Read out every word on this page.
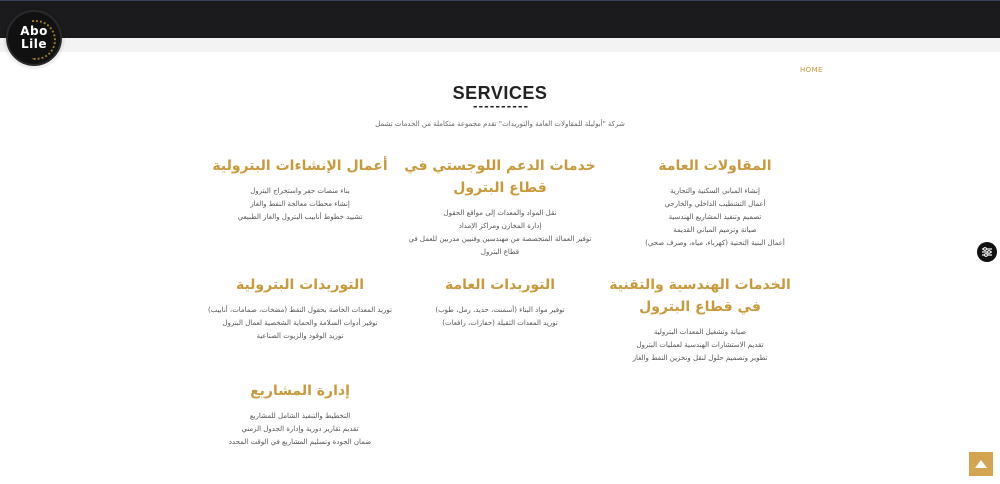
Abo
Lile
HOME
SERVICES
----------

شركة "أبوليلة للمقاولات العامة والتوريدات" تقدم مجموعة متكاملة من الخدمات تشمل

المقاولات العامة
إنشاء المباني السكنية والتجارية
أعمال التشطيب الداخلي والخارجي
تصميم وتنفيذ المشاريع الهندسية
صيانة وترميم المباني القديمة
أعمال البنية التحتية (كهرباء، مياه، وصرف صحي)
خدمات الدعم اللوجستي في قطاع البترول
نقل المواد والمعدات إلى مواقع الحقول
إدارة المخازن ومراكز الإمداد
توفير العمالة المتخصصة من مهندسين وفنيين مدربين للعمل في قطاع البترول
أعمال الإنشاءات البترولية
بناء منصات حفر واستخراج البترول
إنشاء محطات معالجة النفط والغاز
تشييد خطوط أنابيب البترول والغاز الطبيعي
الخدمات الهندسية والتقنية في قطاع البترول
صيانة وتشغيل المعدات البترولية
تقديم الاستشارات الهندسية لعمليات البترول
تطوير وتصميم حلول لنقل وتخزين النفط والغاز
التوريدات العامة
توفير مواد البناء (أسمنت، حديد، رمل، طوب)
توريد المعدات الثقيلة (حفارات، رافعات)
التوريدات البترولية
توريد المعدات الخاصة بحقول النفط (مضخات، صمامات، أنابيب)
توفير أدوات السلامة والحماية الشخصية لعمال البترول
توريد الوقود والزيوت الصناعية
إدارة المشاريع
التخطيط والتنفيذ الشامل للمشاريع
تقديم تقارير دورية وإدارة الجدول الزمني
ضمان الجودة وتسليم المشاريع في الوقت المحدد
